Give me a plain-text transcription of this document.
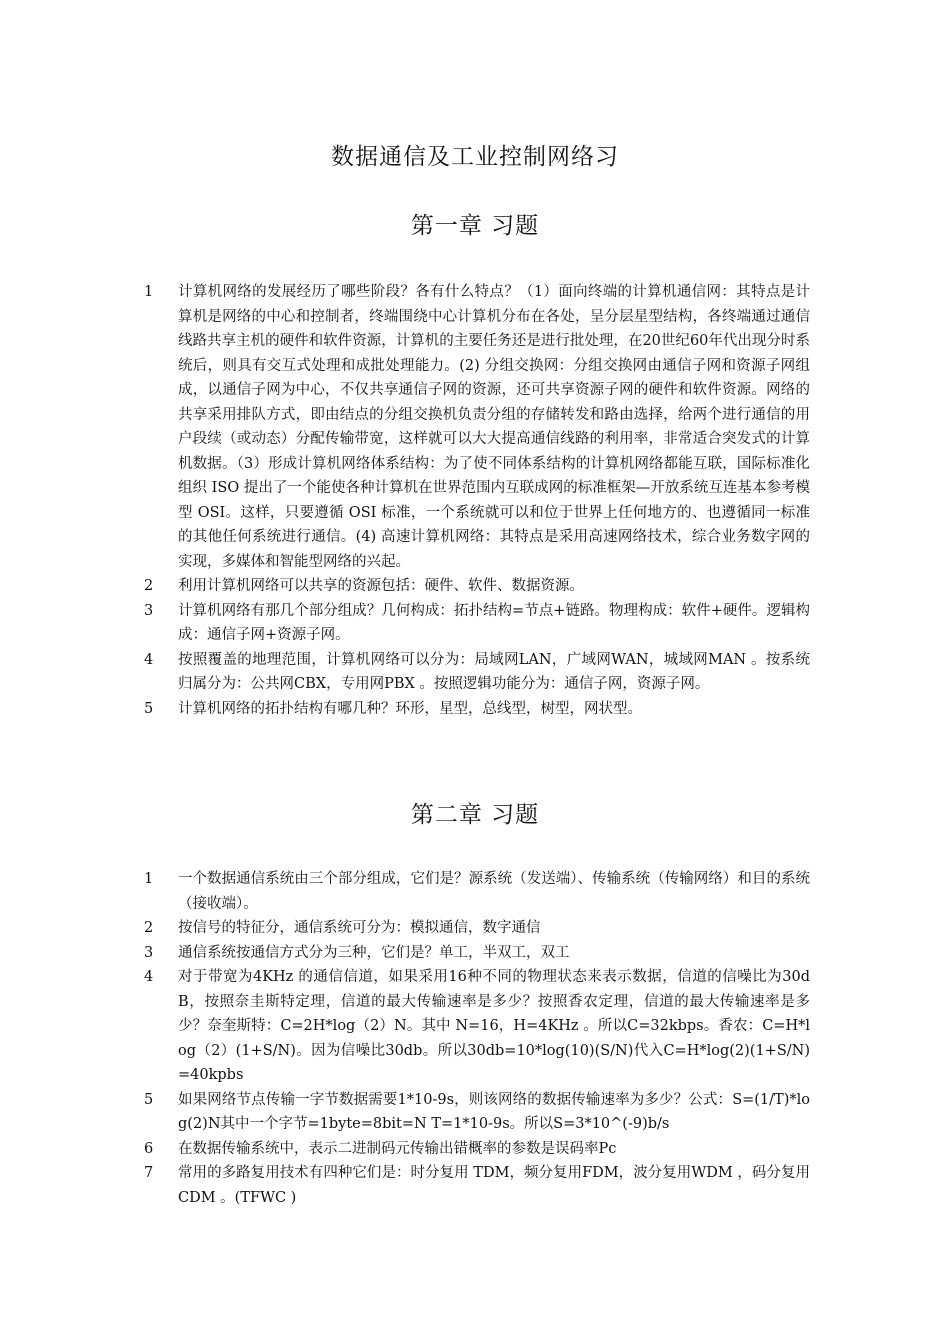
数据通信及工业控制网络习
第一章 习题
1	计算机网络的发展经历了哪些阶段？各有什么特点？（1）面向终端的计算机通信网：其特点是计算机是网络的中心和控制者，终端围绕中心计算机分布在各处，呈分层星型结构，各终端通过通信线路共享主机的硬件和软件资源，计算机的主要任务还是进行批处理，在20世纪60年代出现分时系统后，则具有交互式处理和成批处理能力。(2) 分组交换网：分组交换网由通信子网和资源子网组成，以通信子网为中心，不仅共享通信子网的资源，还可共享资源子网的硬件和软件资源。网络的共享采用排队方式，即由结点的分组交换机负责分组的存储转发和路由选择，给两个进行通信的用户段续（或动态）分配传输带宽，这样就可以大大提高通信线路的利用率，非常适合突发式的计算机数据。（3）形成计算机网络体系结构：为了使不同体系结构的计算机网络都能互联，国际标准化组织 ISO 提出了一个能使各种计算机在世界范围内互联成网的标准框架—开放系统互连基本参考模型 OSI。这样，只要遵循 OSI 标准，一个系统就可以和位于世界上任何地方的、也遵循同一标准的其他任何系统进行通信。(4) 高速计算机网络：其特点是采用高速网络技术，综合业务数字网的实现，多媒体和智能型网络的兴起。
2	利用计算机网络可以共享的资源包括：硬件、软件、数据资源。
3	计算机网络有那几个部分组成？几何构成：拓扑结构=节点+链路。物理构成：软件+硬件。逻辑构成：通信子网+资源子网。
4	按照覆盖的地理范围，计算机网络可以分为：局域网LAN，广域网WAN，城域网MAN 。按系统归属分为：公共网CBX，专用网PBX 。按照逻辑功能分为：通信子网，资源子网。
5	计算机网络的拓扑结构有哪几种？环形，星型，总线型，树型，网状型。
第二章 习题
1	一个数据通信系统由三个部分组成，它们是？源系统（发送端）、传输系统（传输网络）和目的系统（接收端）。
2	按信号的特征分，通信系统可分为：模拟通信，数字通信
3	通信系统按通信方式分为三种，它们是？单工，半双工，双工
4	对于带宽为4KHz 的通信信道，如果采用16种不同的物理状态来表示数据，信道的信噪比为30dB，按照奈圭斯特定理，信道的最大传输速率是多少？按照香农定理，信道的最大传输速率是多少？奈奎斯特：C=2H*log（2）N。其中 N=16，H=4KHz 。所以C=32kbps。香农：C=H*log（2）(1+S/N)。因为信噪比30db。所以30db=10*log(10)(S/N)代入C=H*log(2)(1+S/N)=40kpbs
5	如果网络节点传输一字节数据需要1*10-9s，则该网络的数据传输速率为多少？公式：S=(1/T)*log(2)N其中一个字节=1byte=8bit=N T=1*10-9s。所以S=3*10^(-9)b/s
6	在数据传输系统中，表示二进制码元传输出错概率的参数是误码率Pc
7	常用的多路复用技术有四种它们是：时分复用 TDM，频分复用FDM，波分复用WDM ，码分复用CDM 。(TFWC )
